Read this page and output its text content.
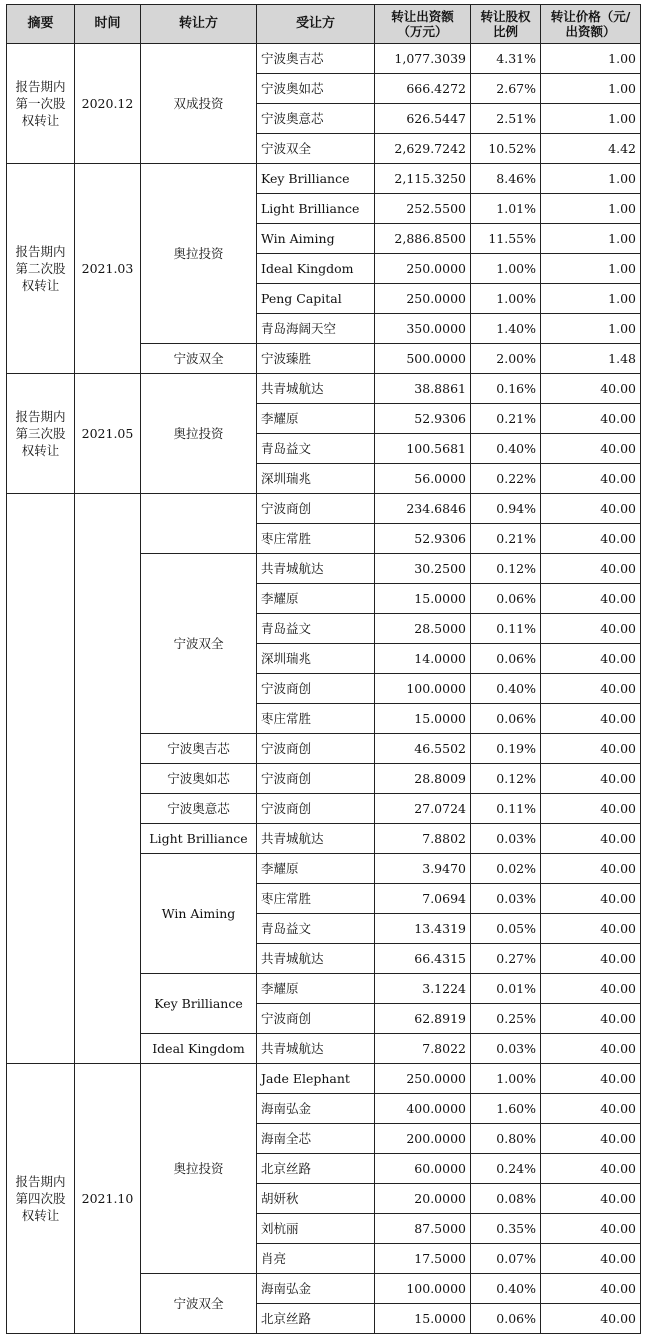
摘要	时间	转让方	受让方	转让出资额（万元）	转让股权比例	转让价格（元/出资额）
报告期内第一次股权转让	2020.12	双成投资	宁波奥吉芯	1,077.3039	4.31%	1.00
			宁波奥如芯	666.4272	2.67%	1.00
			宁波奥意芯	626.5447	2.51%	1.00
			宁波双全	2,629.7242	10.52%	4.42
报告期内第二次股权转让	2021.03	奥拉投资	Key Brilliance	2,115.3250	8.46%	1.00
			Light Brilliance	252.5500	1.01%	1.00
			Win Aiming	2,886.8500	11.55%	1.00
			Ideal Kingdom	250.0000	1.00%	1.00
			Peng Capital	250.0000	1.00%	1.00
			青岛海阔天空	350.0000	1.40%	1.00
		宁波双全	宁波臻胜	500.0000	2.00%	1.48
报告期内第三次股权转让	2021.05	奥拉投资	共青城航达	38.8861	0.16%	40.00
			李耀原	52.9306	0.21%	40.00
			青岛益文	100.5681	0.40%	40.00
			深圳瑞兆	56.0000	0.22%	40.00
			宁波商创	234.6846	0.94%	40.00
			枣庄常胜	52.9306	0.21%	40.00
		宁波双全	共青城航达	30.2500	0.12%	40.00
			李耀原	15.0000	0.06%	40.00
			青岛益文	28.5000	0.11%	40.00
			深圳瑞兆	14.0000	0.06%	40.00
			宁波商创	100.0000	0.40%	40.00
			枣庄常胜	15.0000	0.06%	40.00
		宁波奥吉芯	宁波商创	46.5502	0.19%	40.00
		宁波奥如芯	宁波商创	28.8009	0.12%	40.00
		宁波奥意芯	宁波商创	27.0724	0.11%	40.00
		Light Brilliance	共青城航达	7.8802	0.03%	40.00
		Win Aiming	李耀原	3.9470	0.02%	40.00
			枣庄常胜	7.0694	0.03%	40.00
			青岛益文	13.4319	0.05%	40.00
			共青城航达	66.4315	0.27%	40.00
		Key Brilliance	李耀原	3.1224	0.01%	40.00
			宁波商创	62.8919	0.25%	40.00
		Ideal Kingdom	共青城航达	7.8022	0.03%	40.00
报告期内第四次股权转让	2021.10	奥拉投资	Jade Elephant	250.0000	1.00%	40.00
			海南弘金	400.0000	1.60%	40.00
			海南全芯	200.0000	0.80%	40.00
			北京丝路	60.0000	0.24%	40.00
			胡妍秋	20.0000	0.08%	40.00
			刘杭丽	87.5000	0.35%	40.00
			肖亮	17.5000	0.07%	40.00
		宁波双全	海南弘金	100.0000	0.40%	40.00
			北京丝路	15.0000	0.06%	40.00
